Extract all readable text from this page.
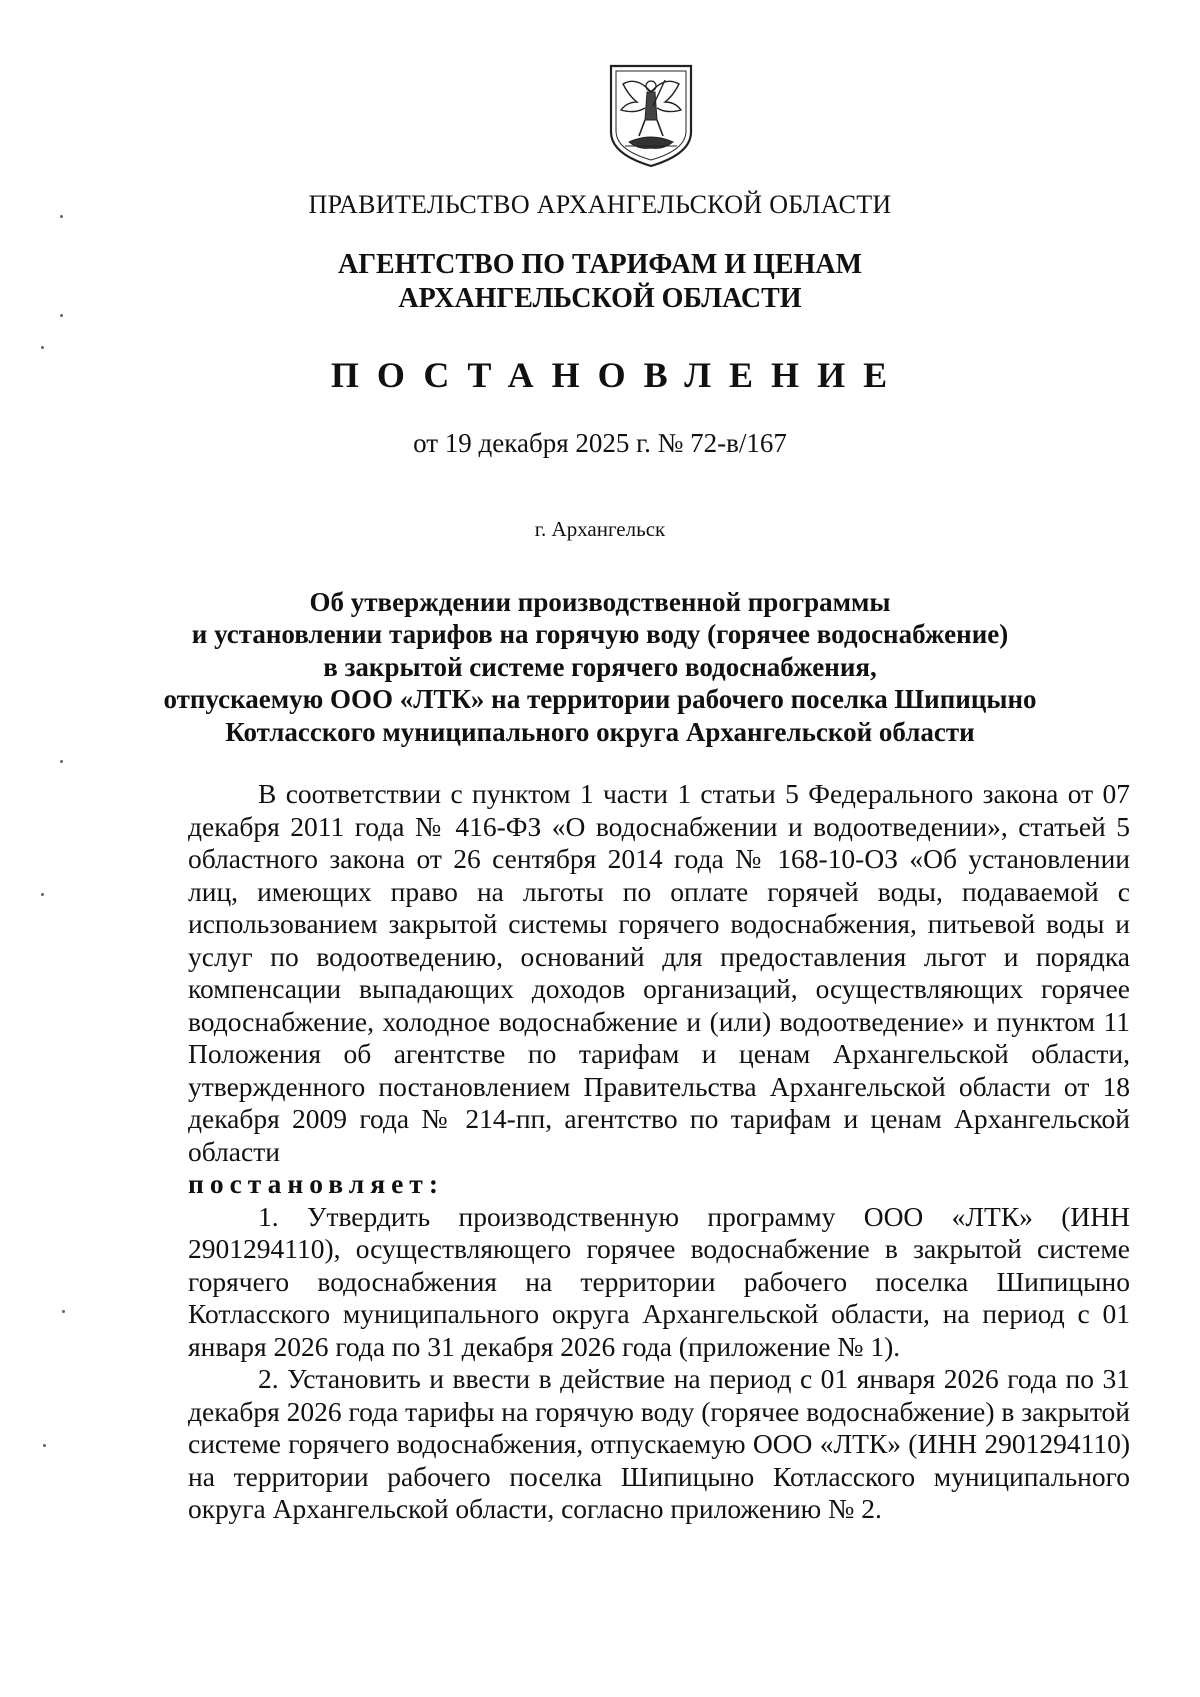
ПРАВИТЕЛЬСТВО АРХАНГЕЛЬСКОЙ ОБЛАСТИ
АГЕНТСТВО ПО ТАРИФАМ И ЦЕНАМ
АРХАНГЕЛЬСКОЙ ОБЛАСТИ
ПОСТАНОВЛЕНИЕ
от 19 декабря 2025 г. № 72-в/167
г. Архангельск
Об утверждении производственной программы
и установлении тарифов на горячую воду (горячее водоснабжение)
в закрытой системе горячего водоснабжения,
отпускаемую ООО «ЛТК» на территории рабочего поселка Шипицыно
Котласского муниципального округа Архангельской области

В соответствии с пунктом 1 части 1 статьи 5 Федерального закона от 07 декабря 2011 года № 416-ФЗ «О водоснабжении и водоотведении», статьей 5 областного закона от 26 сентября 2014 года № 168-10-ОЗ «Об установлении лиц, имеющих право на льготы по оплате горячей воды, подаваемой с использованием закрытой системы горячего водоснабжения, питьевой воды и услуг по водоотведению, оснований для предоставления льгот и порядка компенсации выпадающих доходов организаций, осуществляющих горячее водоснабжение, холодное водоснабжение и (или) водоотведение» и пунктом 11 Положения об агентстве по тарифам и ценам Архангельской области, утвержденного постановлением Правительства Архангельской области от 18 декабря 2009 года № 214-пп, агентство по тарифам и ценам Архангельской области

постановляет:

1. Утвердить производственную программу ООО «ЛТК» (ИНН 2901294110), осуществляющего горячее водоснабжение в закрытой системе горячего водоснабжения на территории рабочего поселка Шипицыно Котласского муниципального округа Архангельской области, на период с 01 января 2026 года по 31 декабря 2026 года (приложение № 1).

2. Установить и ввести в действие на период с 01 января 2026 года по 31 декабря 2026 года тарифы на горячую воду (горячее водоснабжение) в закрытой системе горячего водоснабжения, отпускаемую ООО «ЛТК» (ИНН 2901294110) на территории рабочего поселка Шипицыно Котласского муниципального округа Архангельской области, согласно приложению № 2.
